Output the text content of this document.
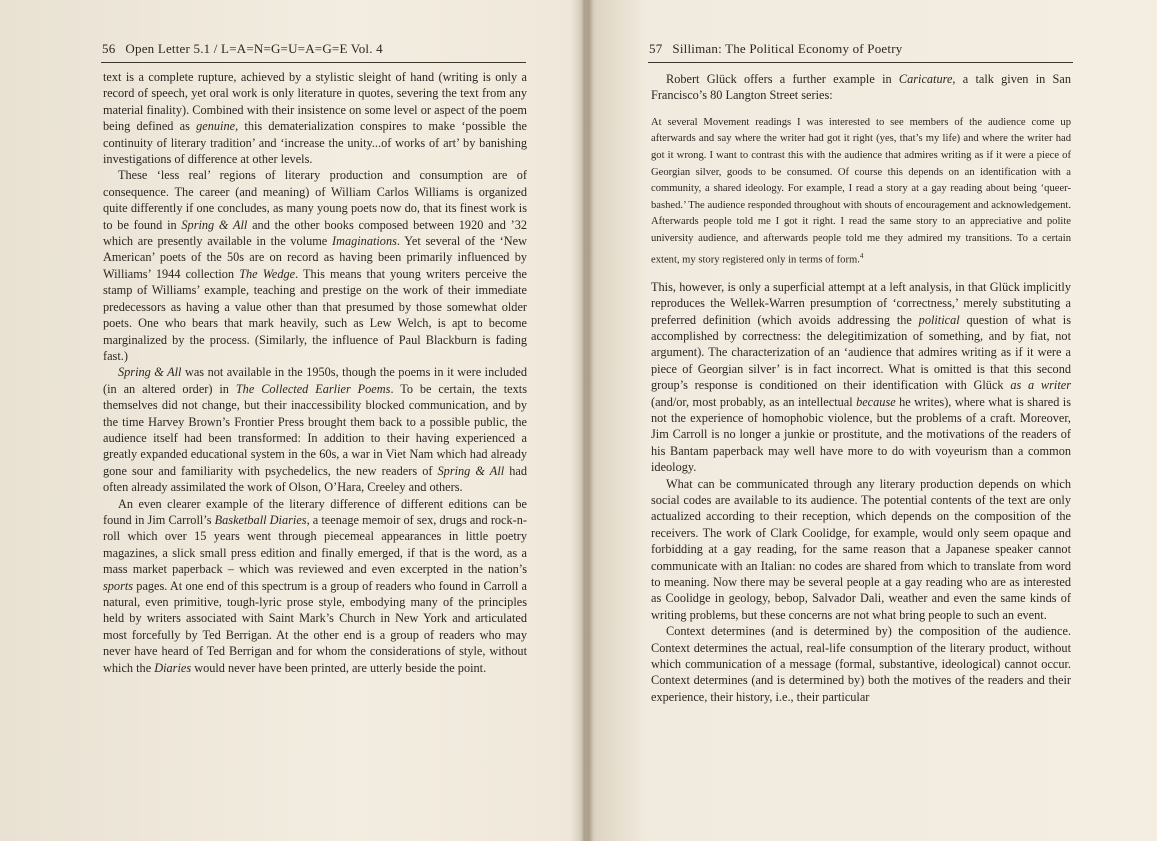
56 Open Letter 5.1 / L=A=N=G=U=A=G=E Vol. 4

text is a complete rupture, achieved by a stylistic sleight of hand (writing is only a record of speech, yet oral work is only literature in quotes, severing the text from any material finality). Combined with their insistence on some level or aspect of the poem being defined as genuine, this dematerialization conspires to make ‘possible the continuity of literary tradition’ and ‘increase the unity...of works of art’ by banishing investigations of difference at other levels.

These ‘less real’ regions of literary production and consumption are of consequence. The career (and meaning) of William Carlos Williams is organized quite differently if one concludes, as many young poets now do, that its finest work is to be found in Spring & All and the other books composed between 1920 and ’32 which are presently available in the volume Imaginations. Yet several of the ‘New American’ poets of the 50s are on record as having been primarily influenced by Williams’ 1944 collection The Wedge. This means that young writers perceive the stamp of Williams’ example, teaching and prestige on the work of their immediate predecessors as having a value other than that presumed by those somewhat older poets. One who bears that mark heavily, such as Lew Welch, is apt to become marginalized by the process. (Similarly, the influence of Paul Blackburn is fading fast.)

Spring & All was not available in the 1950s, though the poems in it were included (in an altered order) in The Collected Earlier Poems. To be certain, the texts themselves did not change, but their inaccessibility blocked communication, and by the time Harvey Brown’s Frontier Press brought them back to a possible public, the audience itself had been transformed: In addition to their having experienced a greatly expanded educational system in the 60s, a war in Viet Nam which had already gone sour and familiarity with psychedelics, the new readers of Spring & All had often already assimilated the work of Olson, O’Hara, Creeley and others.

An even clearer example of the literary difference of different editions can be found in Jim Carroll’s Basketball Diaries, a teenage memoir of sex, drugs and rock-n-roll which over 15 years went through piecemeal appearances in little poetry magazines, a slick small press edition and finally emerged, if that is the word, as a mass market paperback – which was reviewed and even excerpted in the nation’s sports pages. At one end of this spectrum is a group of readers who found in Carroll a natural, even primitive, tough-lyric prose style, embodying many of the principles held by writers associated with Saint Mark’s Church in New York and articulated most forcefully by Ted Berrigan. At the other end is a group of readers who may never have heard of Ted Berrigan and for whom the considerations of style, without which the Diaries would never have been printed, are utterly beside the point.

57 Silliman: The Political Economy of Poetry

Robert Glück offers a further example in Caricature, a talk given in San Francisco’s 80 Langton Street series:

At several Movement readings I was interested to see members of the audience come up afterwards and say where the writer had got it right (yes, that’s my life) and where the writer had got it wrong. I want to contrast this with the audience that admires writing as if it were a piece of Georgian silver, goods to be consumed. Of course this depends on an identification with a community, a shared ideology. For example, I read a story at a gay reading about being ‘queer-bashed.’ The audience responded throughout with shouts of encouragement and acknowledgement. Afterwards people told me I got it right. I read the same story to an appreciative and polite university audience, and afterwards people told me they admired my transitions. To a certain extent, my story registered only in terms of form.$^4$

This, however, is only a superficial attempt at a left analysis, in that Glück implicitly reproduces the Wellek-Warren presumption of ‘correctness,’ merely substituting a preferred definition (which avoids addressing the political question of what is accomplished by correctness: the delegitimization of something, and by fiat, not argument). The characterization of an ‘audience that admires writing as if it were a piece of Georgian silver’ is in fact incorrect. What is omitted is that this second group’s response is conditioned on their identification with Glück as a writer (and/or, most probably, as an intellectual because he writes), where what is shared is not the experience of homophobic violence, but the problems of a craft. Moreover, Jim Carroll is no longer a junkie or prostitute, and the motivations of the readers of his Bantam paperback may well have more to do with voyeurism than a common ideology.

What can be communicated through any literary production depends on which social codes are available to its audience. The potential contents of the text are only actualized according to their reception, which depends on the composition of the receivers. The work of Clark Coolidge, for example, would only seem opaque and forbidding at a gay reading, for the same reason that a Japanese speaker cannot communicate with an Italian: no codes are shared from which to translate from word to meaning. Now there may be several people at a gay reading who are as interested as Coolidge in geology, bebop, Salvador Dali, weather and even the same kinds of writing problems, but these concerns are not what bring people to such an event.

Context determines (and is determined by) the composition of the audience. Context determines the actual, real-life consumption of the literary product, without which communication of a message (formal, substantive, ideological) cannot occur. Context determines (and is determined by) both the motives of the readers and their experience, their history, i.e., their particular
